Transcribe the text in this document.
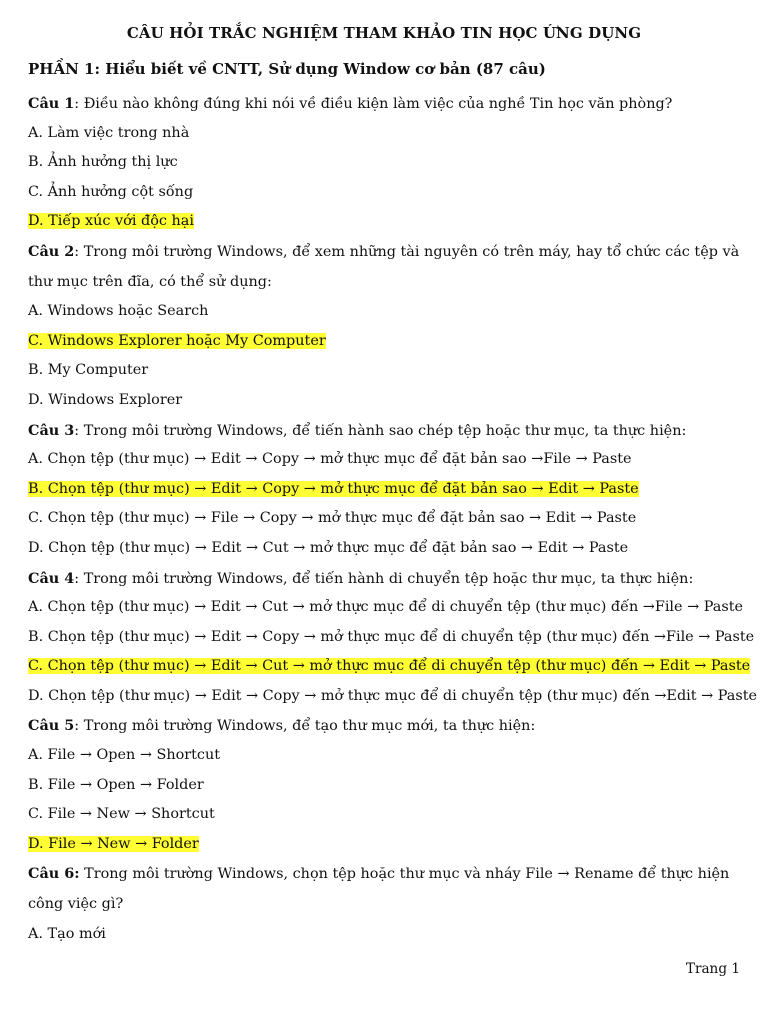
CÂU HỎI TRẮC NGHIỆM THAM KHẢO TIN HỌC ỨNG DỤNG
PHẦN 1: Hiểu biết về CNTT, Sử dụng Window cơ bản (87 câu)
Câu 1: Điều nào không đúng khi nói về điều kiện làm việc của nghề Tin học văn phòng?
A. Làm việc trong nhà
B. Ảnh hưởng thị lực
C. Ảnh hưởng cột sống
D. Tiếp xúc với độc hại
Câu 2: Trong môi trường Windows, để xem những tài nguyên có trên máy, hay tổ chức các tệp và thư mục trên đĩa, có thể sử dụng:
A. Windows hoặc Search
C. Windows Explorer hoặc My Computer
B. My Computer
D. Windows Explorer
Câu 3: Trong môi trường Windows, để tiến hành sao chép tệp hoặc thư mục, ta thực hiện:
A. Chọn tệp (thư mục) → Edit → Copy → mở thực mục để đặt bản sao →File → Paste
B. Chọn tệp (thư mục) → Edit → Copy → mở thực mục để đặt bản sao → Edit → Paste
C. Chọn tệp (thư mục) → File → Copy → mở thực mục để đặt bản sao → Edit → Paste
D. Chọn tệp (thư mục) → Edit → Cut → mở thực mục để đặt bản sao → Edit → Paste
Câu 4: Trong môi trường Windows, để tiến hành di chuyển tệp hoặc thư mục, ta thực hiện:
A. Chọn tệp (thư mục) → Edit → Cut → mở thực mục để di chuyển tệp (thư mục) đến →File → Paste
B. Chọn tệp (thư mục) → Edit → Copy → mở thực mục để di chuyển tệp (thư mục) đến →File → Paste
C. Chọn tệp (thư mục) → Edit → Cut → mở thực mục để di chuyển tệp (thư mục) đến → Edit → Paste
D. Chọn tệp (thư mục) → Edit → Copy → mở thực mục để di chuyển tệp (thư mục) đến →Edit → Paste
Câu 5: Trong môi trường Windows, để tạo thư mục mới, ta thực hiện:
A. File → Open → Shortcut
B. File → Open → Folder
C. File → New → Shortcut
D. File → New → Folder
Câu 6: Trong môi trường Windows, chọn tệp hoặc thư mục và nháy File → Rename để thực hiện công việc gì?
A. Tạo mới
Trang 1
